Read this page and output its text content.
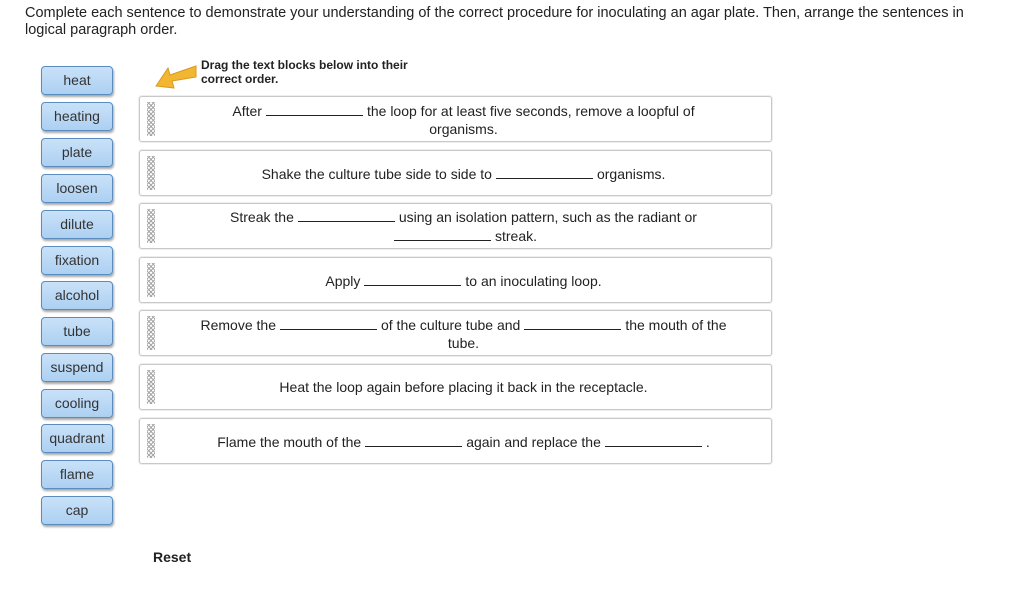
Complete each sentence to demonstrate your understanding of the correct procedure for inoculating an agar plate. Then, arrange the sentences in logical paragraph order.
heat
heating
plate
loosen
dilute
fixation
alcohol
tube
suspend
cooling
quadrant
flame
cap
Drag the text blocks below into their correct order.
After	the loop for at least five seconds, remove a loopful of organisms.
Shake the culture tube side to side to	organisms.
Streak the	using an isolation pattern, such as the radiant orstreak.
Apply	to an inoculating loop.
Remove the	of the culture tube and	the mouth of the tube.
Heat the loop again before placing it back in the receptacle.
Flame the mouth of the	again and replace the	.
Reset
